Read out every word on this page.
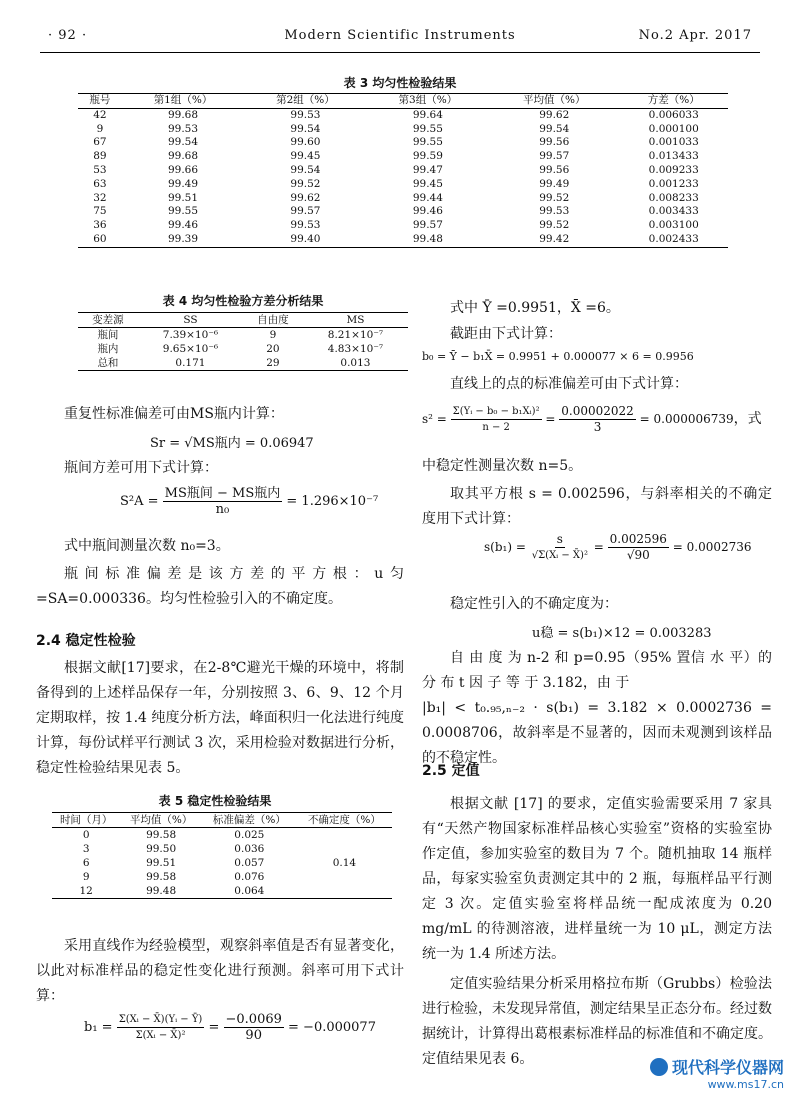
· 92 ·	Modern Scientific Instruments	No.2 Apr. 2017
表 3 均匀性检验结果
瓶号	第1组（%）	第2组（%）	第3组（%）	平均值（%）	方差（%）
42	99.68	99.53	99.64	99.62	0.006033
9	99.53	99.54	99.55	99.54	0.000100
67	99.54	99.60	99.55	99.56	0.001033
89	99.68	99.45	99.59	99.57	0.013433
53	99.66	99.54	99.47	99.56	0.009233
63	99.49	99.52	99.45	99.49	0.001233
32	99.51	99.62	99.44	99.52	0.008233
75	99.55	99.57	99.46	99.53	0.003433
36	99.46	99.53	99.57	99.52	0.003100
60	99.39	99.40	99.48	99.42	0.002433
表 4 均匀性检验方差分析结果
变差源	SS	自由度	MS
瓶间	7.39×10⁻⁶	9	8.21×10⁻⁷
瓶内	9.65×10⁻⁶	20	4.83×10⁻⁷
总和	0.171	29	0.013
重复性标准偏差可由MS瓶内计算：
Sr = √MS瓶内 = 0.06947
瓶间方差可用下式计算：
$S^2A = \frac{\text{MS瓶间 − MS瓶内}}{\text{n₀}} = 1.296\times 10^{-7}$
式中瓶间测量次数 n₀=3。
瓶间标准偏差是该方差的平方根：u匀 =SA=0.000336。均匀性检验引入的不确定度。
2.4 稳定性检验
根据文献[17]要求，在2-8℃避光干燥的环境中，将制备得到的上述样品保存一年，分别按照 3、6、9、12 个月定期取样，按 1.4 纯度分析方法，峰面积归一化法进行纯度计算，每份试样平行测试 3 次，采用检验对数据进行分析，稳定性检验结果见表 5。
表 5 稳定性检验结果
时间（月）	平均值（%）	标准偏差（%）	不确定度（%）
0	99.58	0.025	0.14
3	99.50	0.036	
6	99.51	0.057	
9	99.58	0.076	
12	99.48	0.064	
采用直线作为经验模型，观察斜率值是否有显著变化，以此对标准样品的稳定性变化进行预测。斜率可用下式计算：
$b_1 = \frac{\text{Σ(Xᵢ − X̄)(Yᵢ − Ȳ)}}{\text{Σ(Xᵢ − X̄)²}} = \frac{-0.0069}{90} = -0.000077$
式中 Ȳ =0.9951，X̄ =6。
截距由下式计算：
b₀ = Ȳ − b₁X̄ = 0.9951 + 0.000077 × 6 = 0.9956
直线上的点的标准偏差可由下式计算：
$s^2 = \frac{\text{Σ(Yᵢ − b₀ − b₁Xᵢ)²}}{n - 2} = \frac{0.00002022}{3} = 0.000006739$，式
中稳定性测量次数 n=5。
取其平方根 s = 0.002596，与斜率相关的不确定度用下式计算：
$s(b_1) = \frac{s}{\text{√Σ(Xᵢ − X̄)²}} = \frac{0.002596}{√90} = 0.0002736$
稳定性引入的不确定度为：
u稳 = s(b₁)×12 = 0.003283
自 由 度 为 n-2 和 p=0.95（95% 置信 水 平）的 分 布 t 因 子 等 于 3.182，由 于
|b₁| < t₀.₉₅,ₙ₋₂ · s(b₁) = 3.182 × 0.0002736 = 0.0008706，故斜率是不显著的，因而未观测到该样品的不稳定性。
2.5 定值
根据文献 [17] 的要求，定值实验需要采用 7 家具有“天然产物国家标准样品核心实验室”资格的实验室协作定值，参加实验室的数目为 7 个。随机抽取 14 瓶样品，每家实验室负责测定其中的 2 瓶，每瓶样品平行测定 3 次。定值实验室将样品统一配成浓度为 0.20 mg/mL 的待测溶液，进样量统一为 10 μL，测定方法统一为 1.4 所述方法。
定值实验结果分析采用格拉布斯（Grubbs）检验法进行检验，未发现异常值，测定结果呈正态分布。经过数据统计，计算得出葛根素标准样品的标准值和不确定度。定值结果见表 6。	现代科学仪器网
www.ms17.cn
